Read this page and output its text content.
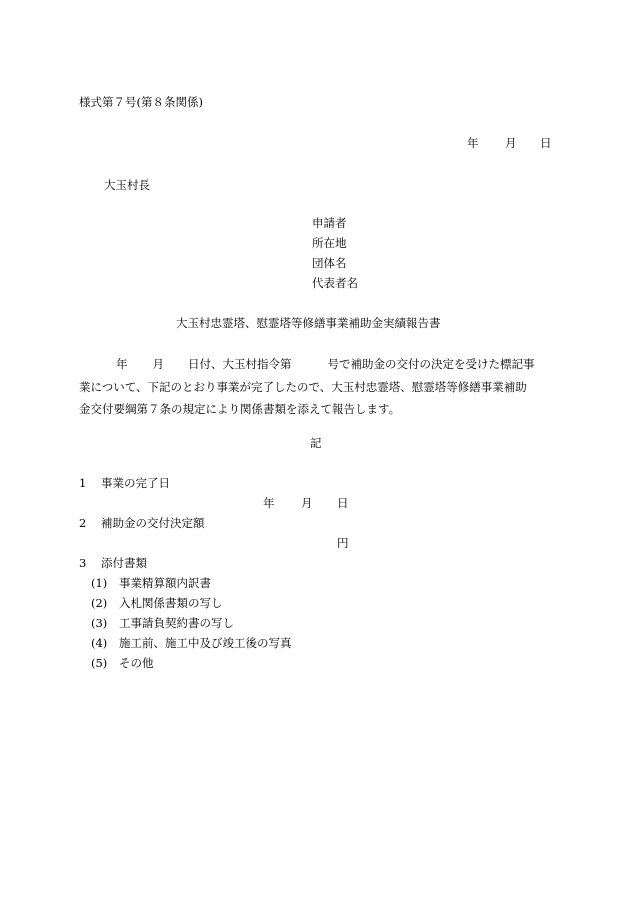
様式第７号(第８条関係)
年 月 日
大玉村長
申請者
所在地
団体名
代表者名
大玉村忠霊塔、慰霊塔等修繕事業補助金実績報告書
年 月 日付、大玉村指令第	号で補助金の交付の決定を受けた標記事
業について、下記のとおり事業が完了したので、大玉村忠霊塔、慰霊塔等修繕事業補助
金交付要綱第７条の規定により関係書類を添えて報告します。
記
1 事業の完了日
年 月 日
2 補助金の交付決定額
円
3 添付書類
(1) 事業精算額内訳書
(2) 入札関係書類の写し
(3) 工事請負契約書の写し
(4) 施工前、施工中及び竣工後の写真
(5) その他
